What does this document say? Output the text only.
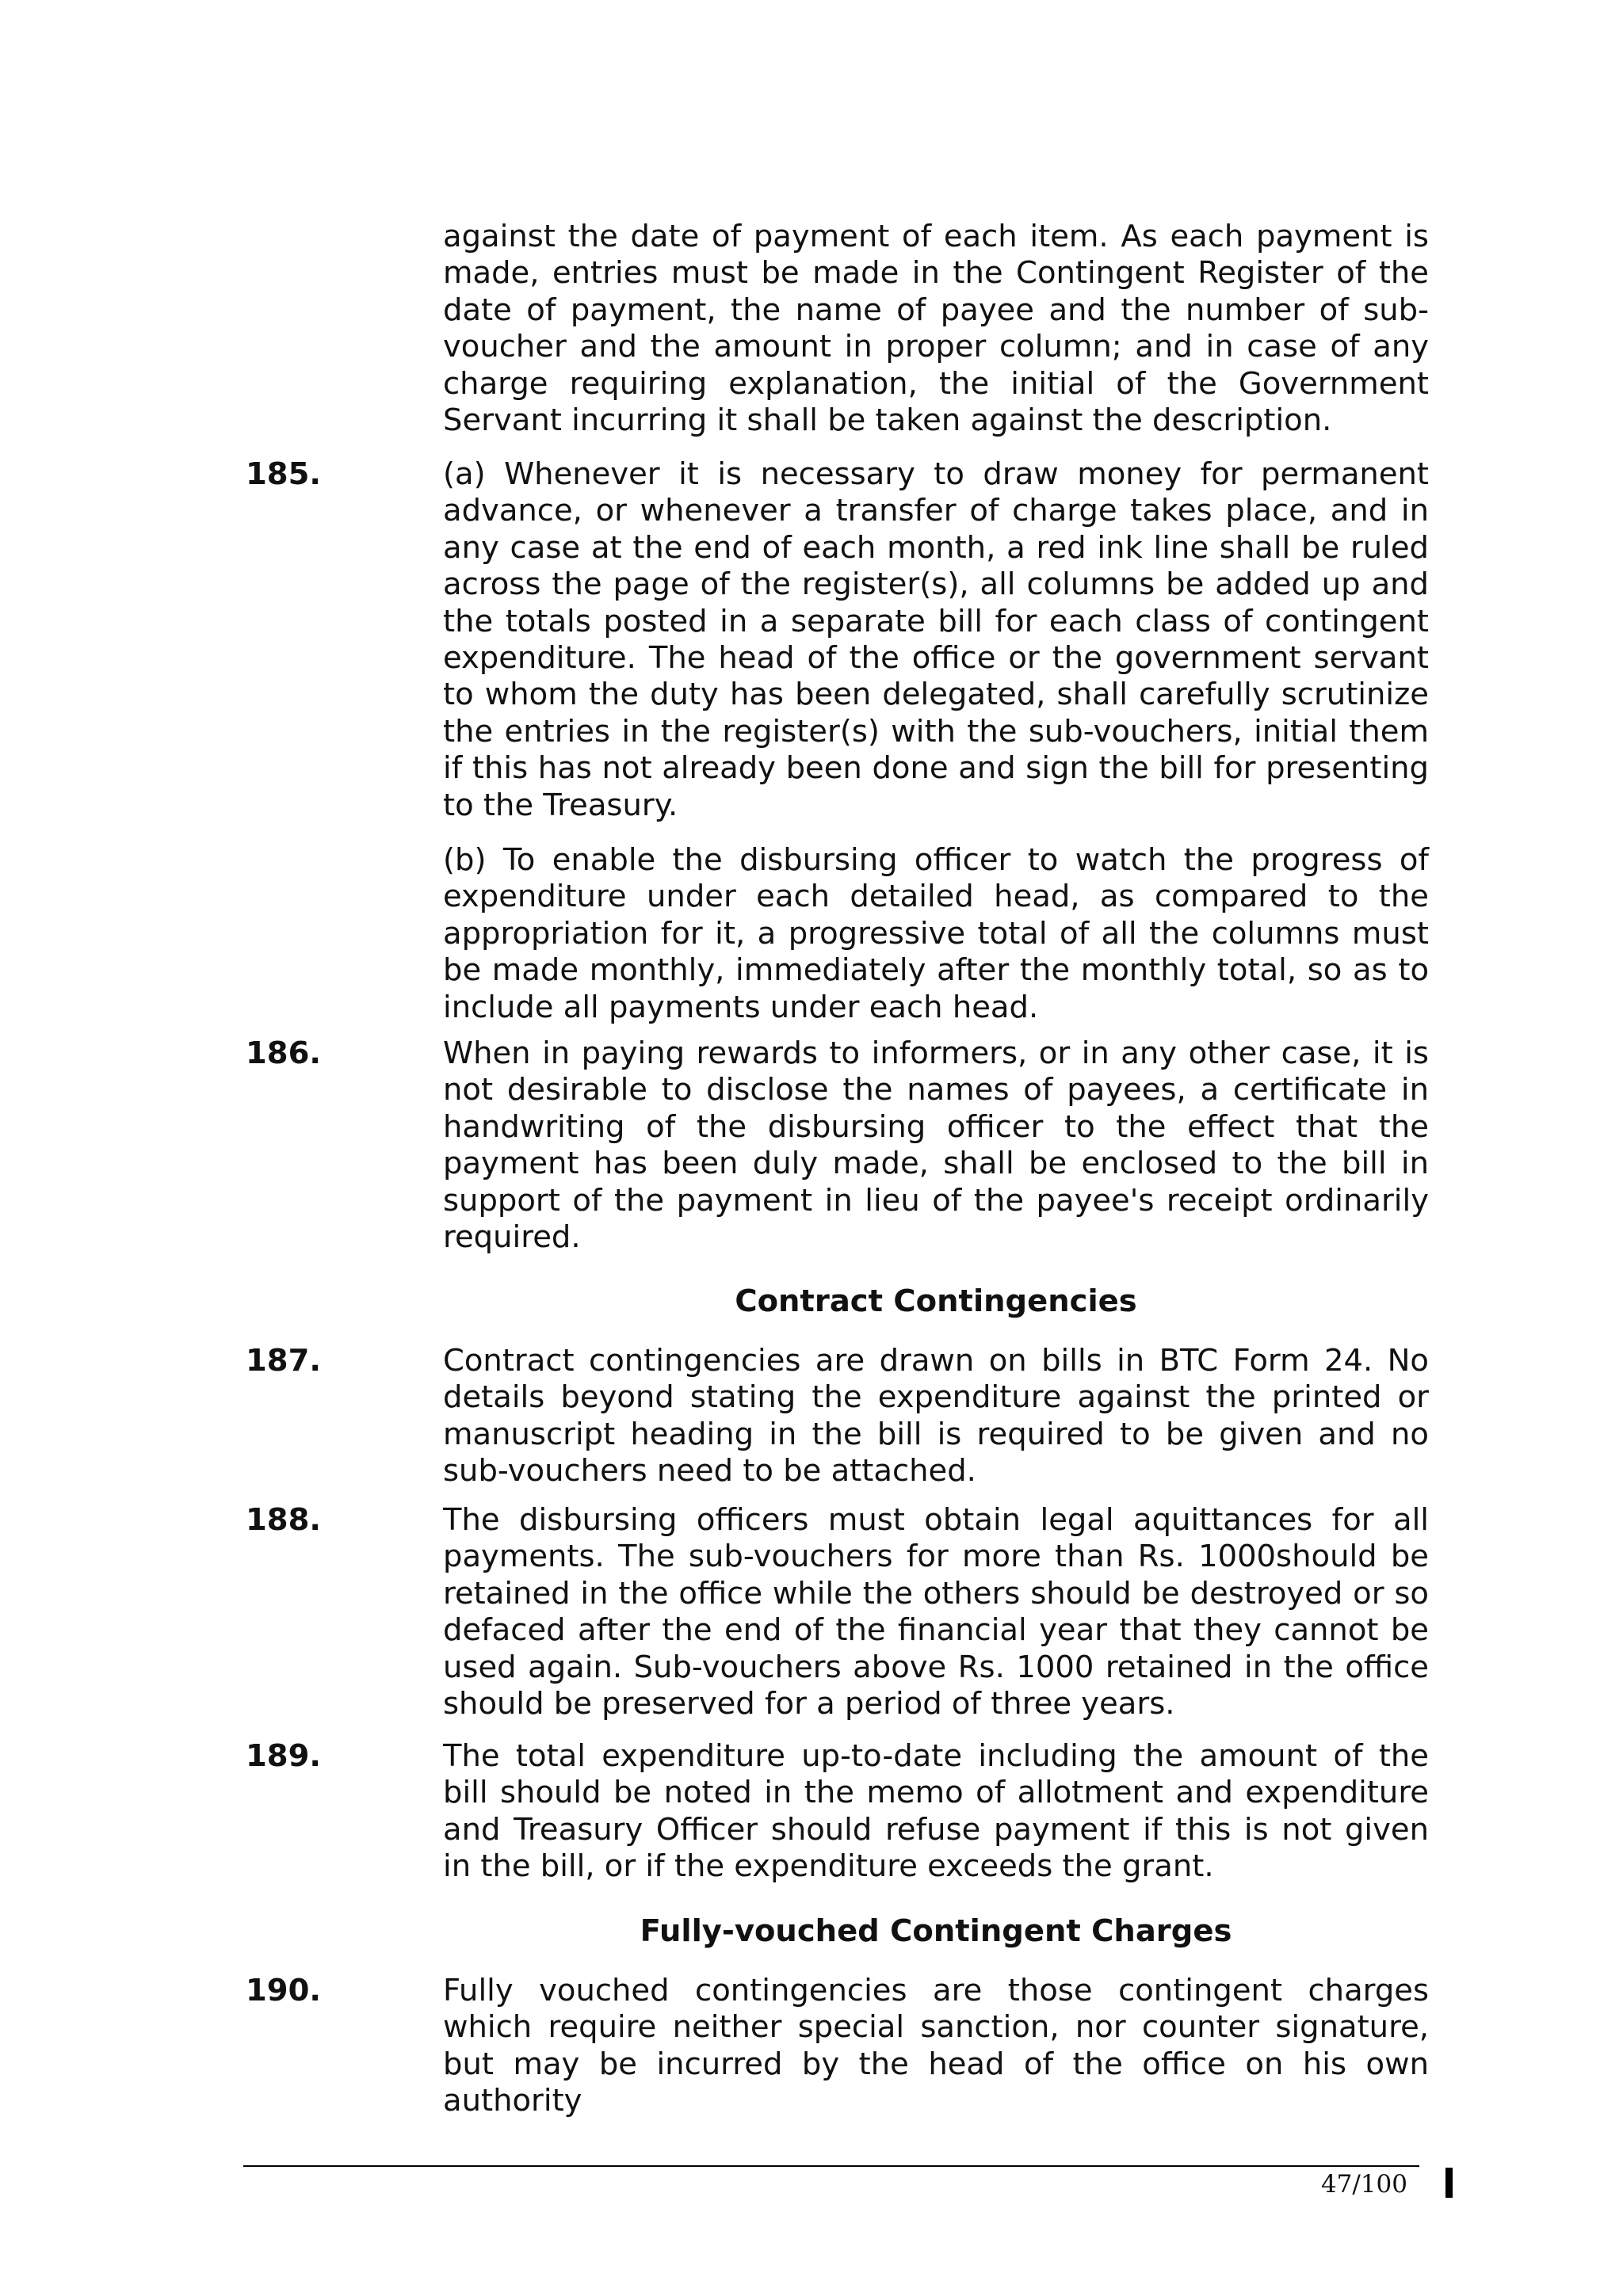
against the date of payment of each item. As each payment is made, entries must be made in the Contingent Register of the date of payment, the name of payee and the number of sub-voucher and the amount in proper column; and in case of any charge requiring explanation, the initial of the Government Servant incurring it shall be taken against the description.

185.	(a) Whenever it is necessary to draw money for permanent advance, or whenever a transfer of charge takes place, and in any case at the end of each month, a red ink line shall be ruled across the page of the register(s), all columns be added up and the totals posted in a separate bill for each class of contingent expenditure. The head of the office or the government servant to whom the duty has been delegated, shall carefully scrutinize the entries in the register(s) with the sub-vouchers, initial them if this has not already been done and sign the bill for presenting to the Treasury.

(b) To enable the disbursing officer to watch the progress of expenditure under each detailed head, as compared to the appropriation for it, a progressive total of all the columns must be made monthly, immediately after the monthly total, so as to include all payments under each head.

186.	When in paying rewards to informers, or in any other case, it is not desirable to disclose the names of payees, a certificate in handwriting of the disbursing officer to the effect that the payment has been duly made, shall be enclosed to the bill in support of the payment in lieu of the payee's receipt ordinarily required.

Contract Contingencies
187.	Contract contingencies are drawn on bills in BTC Form 24. No details beyond stating the expenditure against the printed or manuscript heading in the bill is required to be given and no sub-vouchers need to be attached.

188.	The disbursing officers must obtain legal aquittances for all payments. The sub-vouchers for more than Rs. 1000should be retained in the office while the others should be destroyed or so defaced after the end of the financial year that they cannot be used again. Sub-vouchers above Rs. 1000 retained in the office should be preserved for a period of three years.

189.	The total expenditure up-to-date including the amount of the bill should be noted in the memo of allotment and expenditure and Treasury Officer should refuse payment if this is not given in the bill, or if the expenditure exceeds the grant.

Fully-vouched Contingent Charges
190.	Fully vouched contingencies are those contingent charges which require neither special sanction, nor counter signature, but may be incurred by the head of the office on his own authority

47/100
